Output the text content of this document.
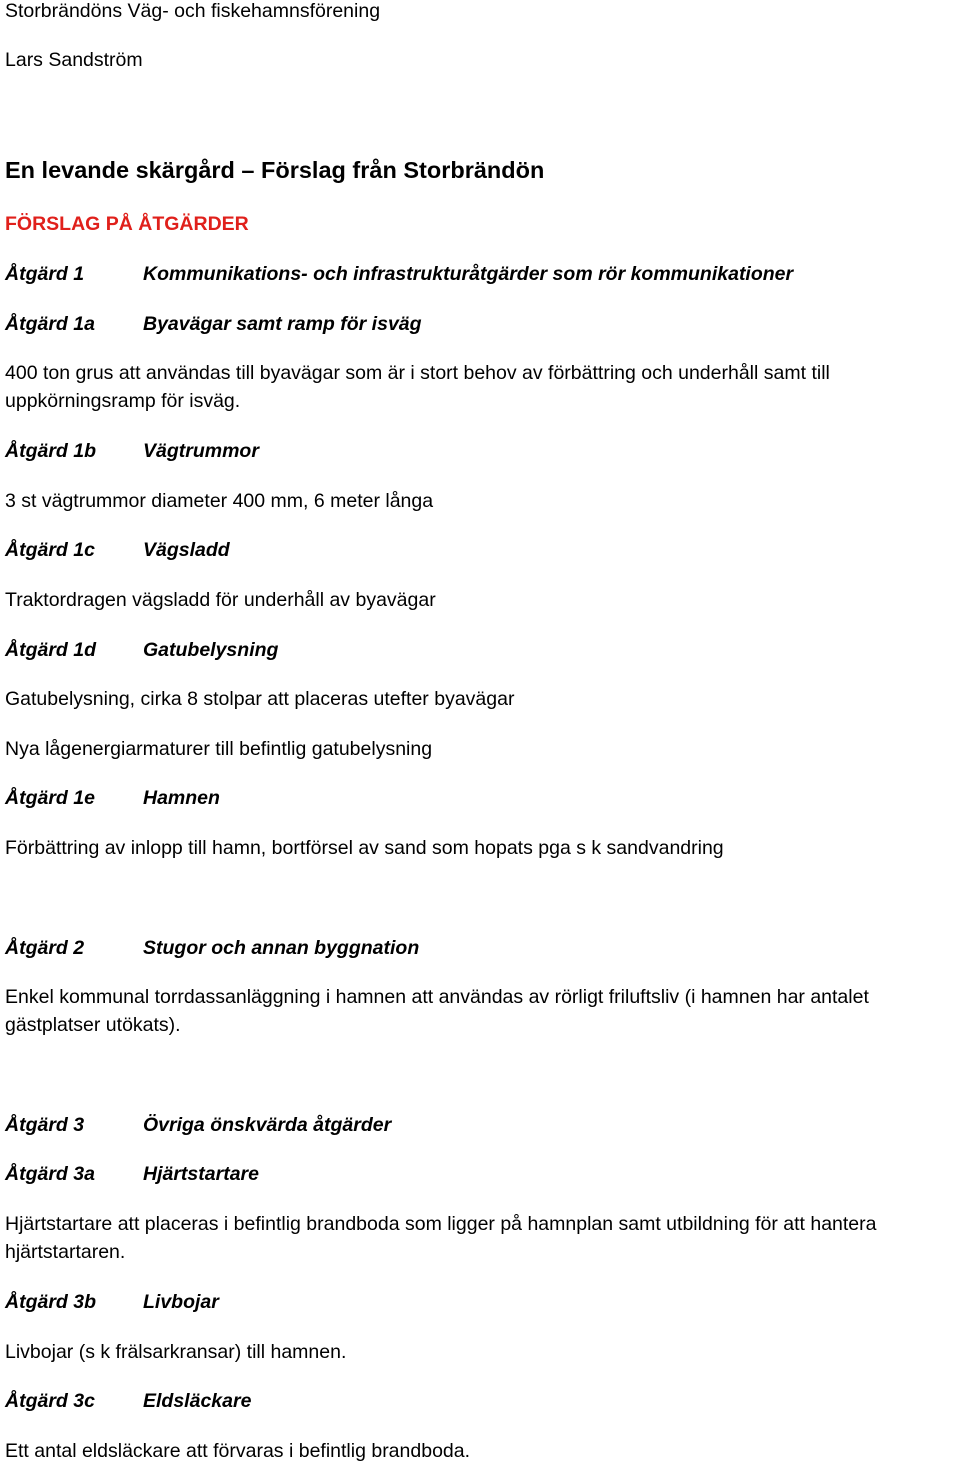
Storbrändöns Väg- och fiskehamnsförening
Lars Sandström
En levande skärgård – Förslag från Storbrändön
FÖRSLAG PÅ ÅTGÄRDER
Åtgärd 1	Kommunikations- och infrastrukturåtgärder som rör kommunikationer
Åtgärd 1a Byavägar samt ramp för isväg
400 ton grus att användas till byavägar som är i stort behov av förbättring och underhåll samt till uppkörningsramp för isväg.
Åtgärd 1b Vägtrummor
3 st vägtrummor diameter 400 mm, 6 meter långa
Åtgärd 1c Vägsladd
Traktordragen vägsladd för underhåll av byavägar
Åtgärd 1d Gatubelysning
Gatubelysning, cirka 8 stolpar att placeras utefter byavägar
Nya lågenergiarmaturer till befintlig gatubelysning
Åtgärd 1e Hamnen
Förbättring av inlopp till hamn, bortförsel av sand som hopats pga s k sandvandring
Åtgärd 2	Stugor och annan byggnation
Enkel kommunal torrdassanläggning i hamnen att användas av rörligt friluftsliv (i hamnen har antalet gästplatser utökats).
Åtgärd 3	Övriga önskvärda åtgärder
Åtgärd 3a Hjärtstartare
Hjärtstartare att placeras i befintlig brandboda som ligger på hamnplan samt utbildning för att hantera hjärtstartaren.
Åtgärd 3b Livbojar
Livbojar (s k frälsarkransar) till hamnen.
Åtgärd 3c Eldsläckare
Ett antal eldsläckare att förvaras i befintlig brandboda.
